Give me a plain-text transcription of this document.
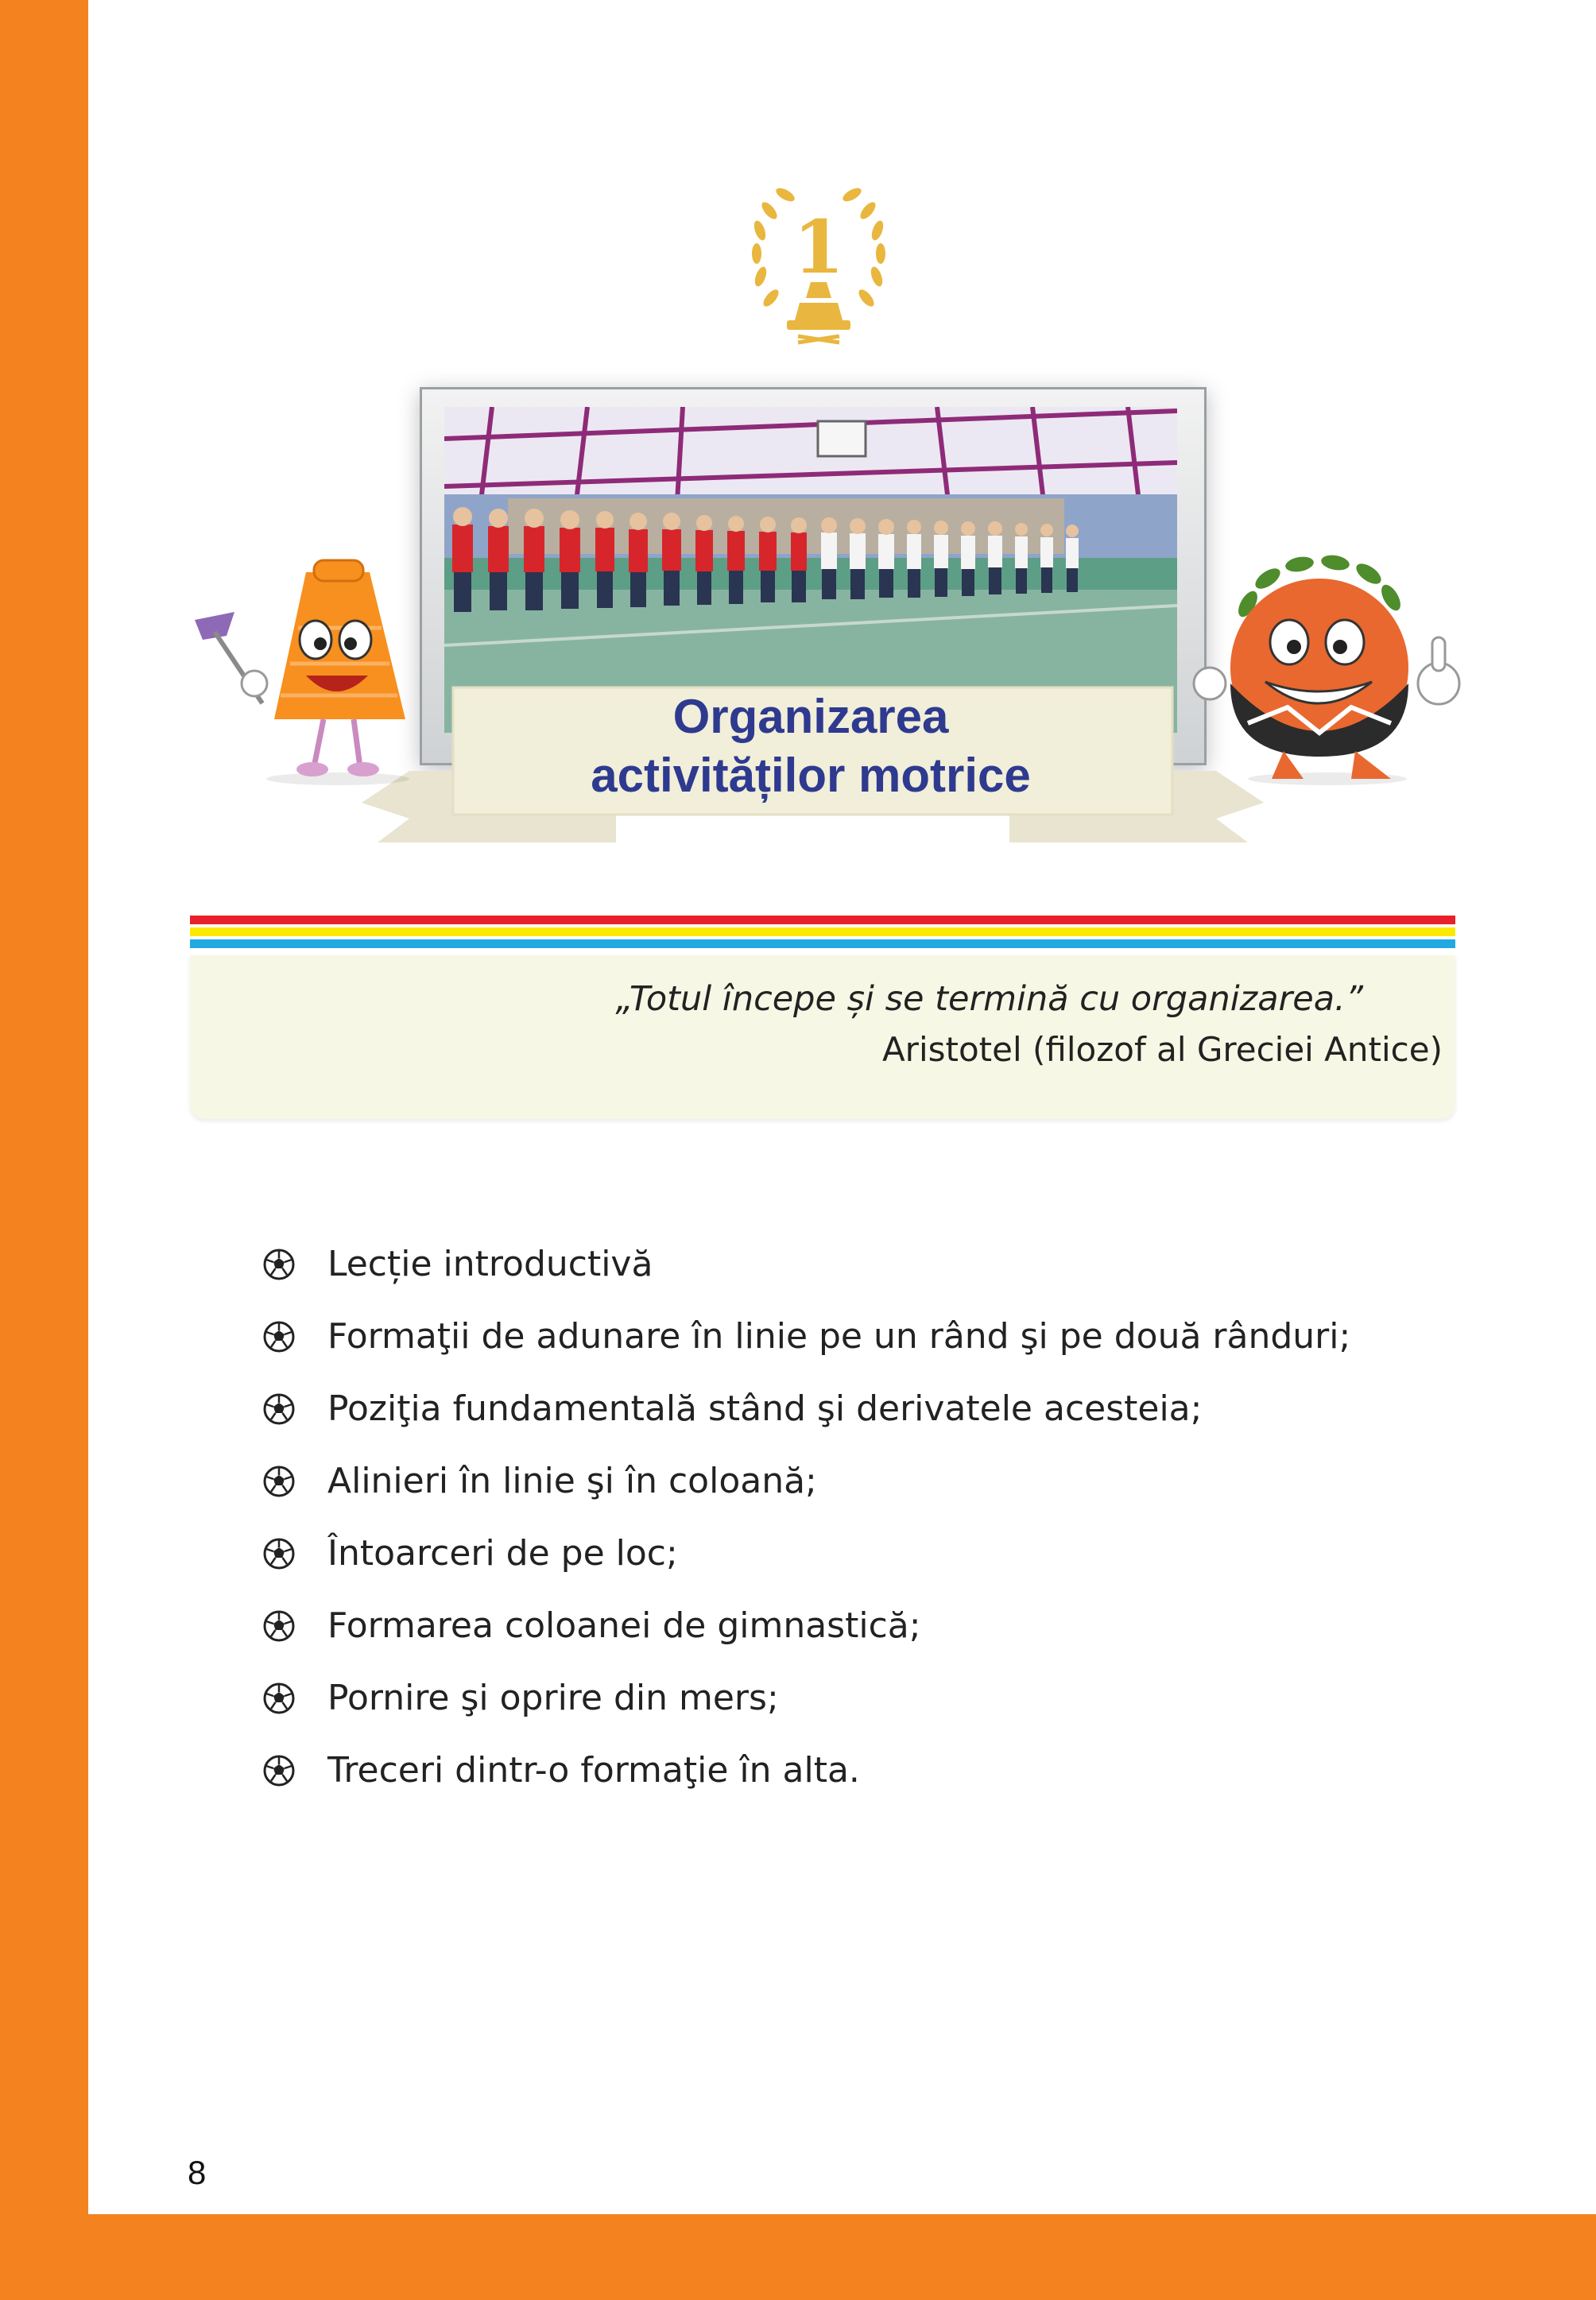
1
Organizarea
activităților motrice

„Totul începe și se termină cu organizarea.”

Aristotel (filozof al Greciei Antice)

Lecție introductivă
Formaţii de adunare în linie pe un rând şi pe două rânduri;
Poziţia fundamentală stând şi derivatele acesteia;
Alinieri în linie şi în coloană;
Întoarceri de pe loc;
Formarea coloanei de gimnastică;
Pornire şi oprire din mers;
Treceri dintr-o formaţie în alta.

8
